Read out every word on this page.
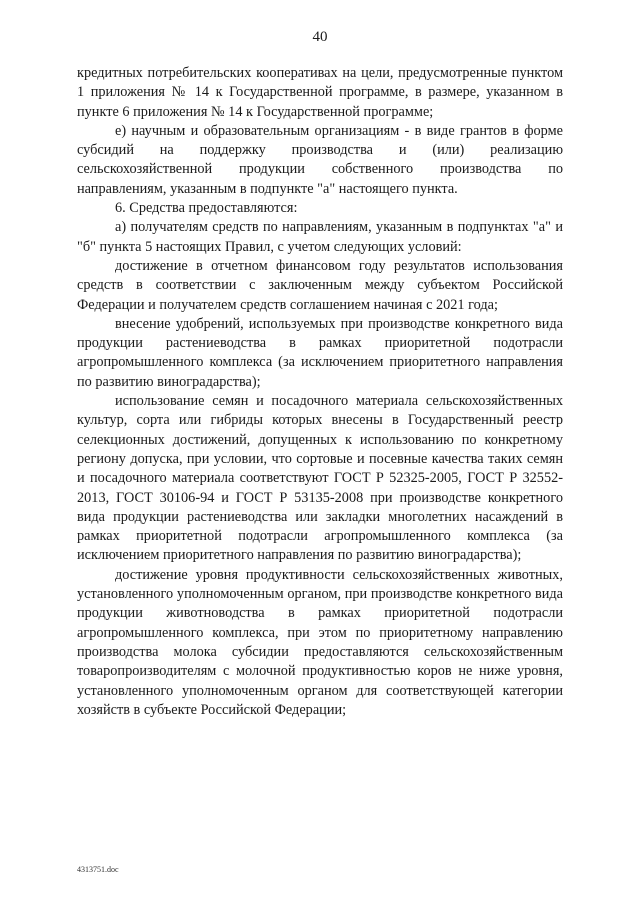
40

кредитных потребительских кооперативах на цели, предусмотренные пунктом 1 приложения № 14 к Государственной программе, в размере, указанном в пункте 6 приложения № 14 к Государственной программе;

е) научным и образовательным организациям - в виде грантов в форме субсидий на поддержку производства и (или) реализацию сельскохозяйственной продукции собственного производства по направлениям, указанным в подпункте "а" настоящего пункта.

6. Средства предоставляются:

а) получателям средств по направлениям, указанным в подпунктах "а" и "б" пункта 5 настоящих Правил, с учетом следующих условий:

достижение в отчетном финансовом году результатов использования средств в соответствии с заключенным между субъектом Российской Федерации и получателем средств соглашением начиная с 2021 года;

внесение удобрений, используемых при производстве конкретного вида продукции растениеводства в рамках приоритетной подотрасли агропромышленного комплекса (за исключением приоритетного направления по развитию виноградарства);

использование семян и посадочного материала сельскохозяйственных культур, сорта или гибриды которых внесены в Государственный реестр селекционных достижений, допущенных к использованию по конкретному региону допуска, при условии, что сортовые и посевные качества таких семян и посадочного материала соответствуют ГОСТ Р 52325-2005, ГОСТ Р 32552-2013, ГОСТ 30106-94 и ГОСТ Р 53135-2008 при производстве конкретного вида продукции растениеводства или закладки многолетних насаждений в рамках приоритетной подотрасли агропромышленного комплекса (за исключением приоритетного направления по развитию виноградарства);

достижение уровня продуктивности сельскохозяйственных животных, установленного уполномоченным органом, при производстве конкретного вида продукции животноводства в рамках приоритетной подотрасли агропромышленного комплекса, при этом по приоритетному направлению производства молока субсидии предоставляются сельскохозяйственным товаропроизводителям с молочной продуктивностью коров не ниже уровня, установленного уполномоченным органом для соответствующей категории хозяйств в субъекте Российской Федерации;

4313751.doc
